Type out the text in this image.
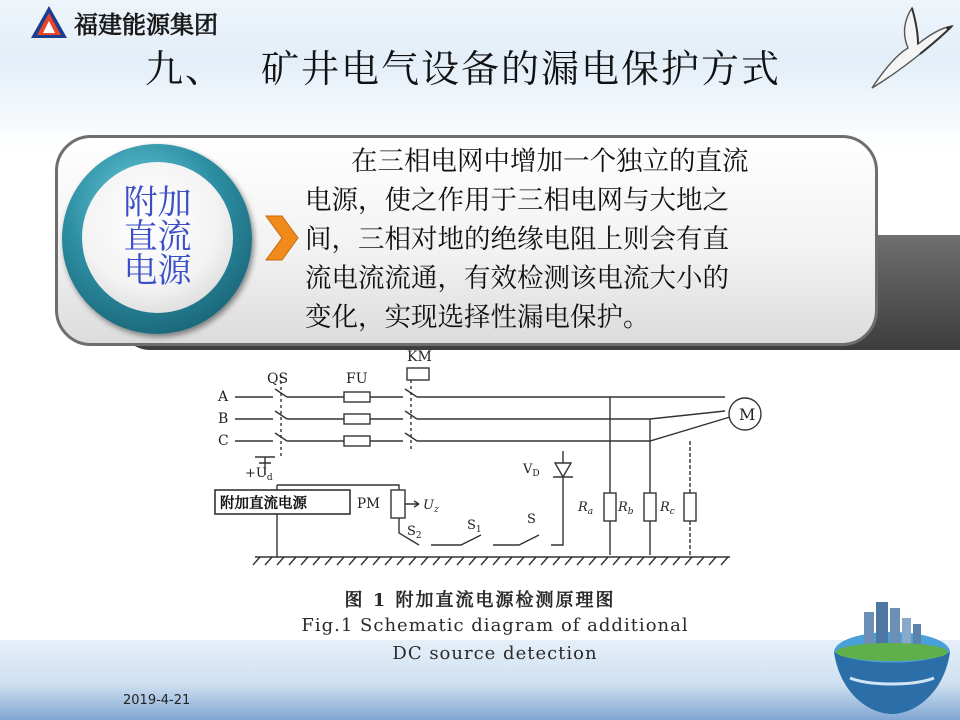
福建能源集团
九、 矿井电气设备的漏电保护方式
附加
直流
电源

在三相电网中增加一个独立的直流

电源，使之作用于三相电网与大地之

间，三相对地的绝缘电阻上则会有直

流电流流通，有效检测该电流大小的

变化，实现选择性漏电保护。

KM
QS	FU
A
B
C
M
$R_a$ $R_b$ $R_c$
$V_D$
$+U_d$
附加直流电源	PM	$U_z$
$S_2$
$S_1$
S
图 1 附加直流电源检测原理图
Fig.1 Schematic diagram of additional
DC source detection
2019-4-21
